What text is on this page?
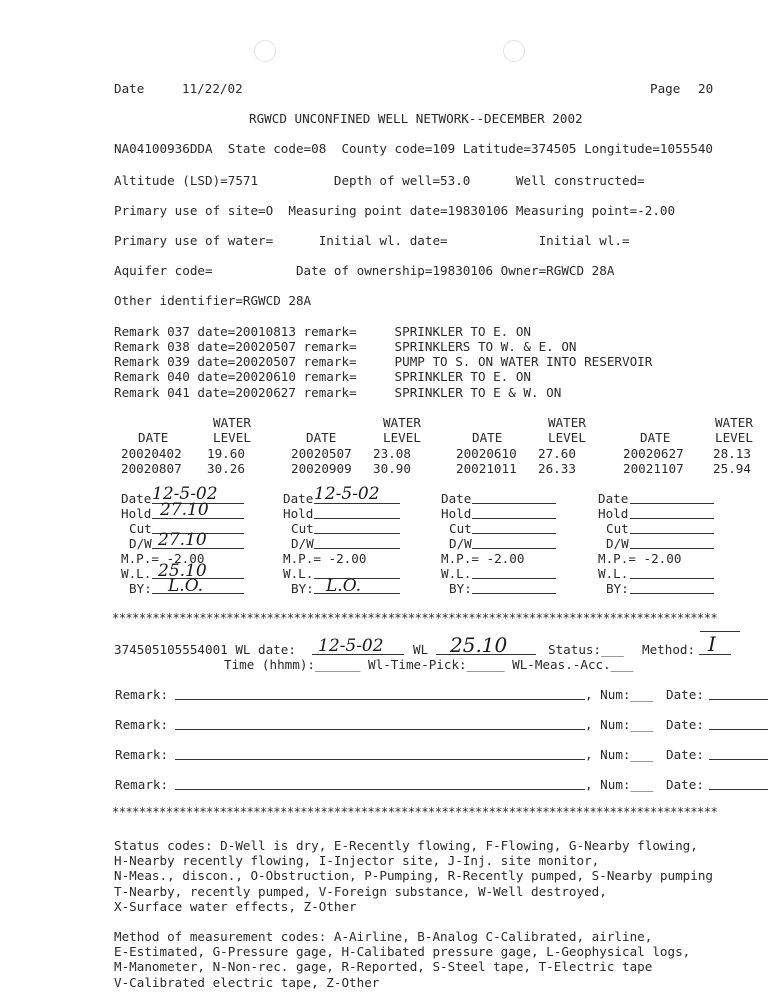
Date	11/22/02	Page 20
RGWCD UNCONFINED WELL NETWORK--DECEMBER 2002
NA04100936DDA  State code=08  County code=109 Latitude=374505 Longitude=1055540
Altitude (LSD)=7571          Depth of well=53.0      Well constructed=
Primary use of site=O  Measuring point date=19830106 Measuring point=-2.00
Primary use of water=      Initial wl. date=            Initial wl.=
Aquifer code=           Date of ownership=19830106 Owner=RGWCD 28A
Other identifier=RGWCD 28A
Remark 037 date=20010813 remark=     SPRINKLER TO E. ON
Remark 038 date=20020507 remark=     SPRINKLERS TO W. & E. ON
Remark 039 date=20020507 remark=     PUMP TO S. ON WATER INTO RESERVOIR
Remark 040 date=20020610 remark=     SPRINKLER TO E. ON
Remark 041 date=20020627 remark=     SPRINKLER TO E & W. ON
WATER
DATE	LEVEL
WATER
DATE	LEVEL
WATER
DATE	LEVEL
WATER
DATE	LEVEL
20020402 19.60	20020507 23.08	20020610 27.60	20020627 28.13
20020807 30.26	20020909 30.90	20021011 26.33	20021107 25.94
Date 12-5-02
Hold 27.10
Cut
D/W 27.10
M.P.= -2.00
W.L. 25.10
BY: L.O.
Date 12-5-02
Hold
Cut
D/W
M.P.= -2.00
W.L.
BY: L.O.
Date
Hold
Cut
D/W
M.P.= -2.00
W.L.
BY:
Date
Hold
Cut
D/W
M.P.= -2.00
W.L.
BY:
******************************************************************************************
374505105554001 WL date: 12-5-02 WL 25.10	Status:___ Method: I
Time (hhmm):______ Wl-Time-Pick:_____ WL-Meas.-Acc.___
Remark:	, Num:___ Date:
Remark:	, Num:___ Date:
Remark:	, Num:___ Date:
Remark:	, Num:___ Date:
******************************************************************************************
Status codes: D-Well is dry, E-Recently flowing, F-Flowing, G-Nearby flowing,
H-Nearby recently flowing, I-Injector site, J-Inj. site monitor,
N-Meas., discon., O-Obstruction, P-Pumping, R-Recently pumped, S-Nearby pumping
T-Nearby, recently pumped, V-Foreign substance, W-Well destroyed,
X-Surface water effects, Z-Other
Method of measurement codes: A-Airline, B-Analog C-Calibrated, airline,
E-Estimated, G-Pressure gage, H-Calibated pressure gage, L-Geophysical logs,
M-Manometer, N-Non-rec. gage, R-Reported, S-Steel tape, T-Electric tape
V-Calibrated electric tape, Z-Other
